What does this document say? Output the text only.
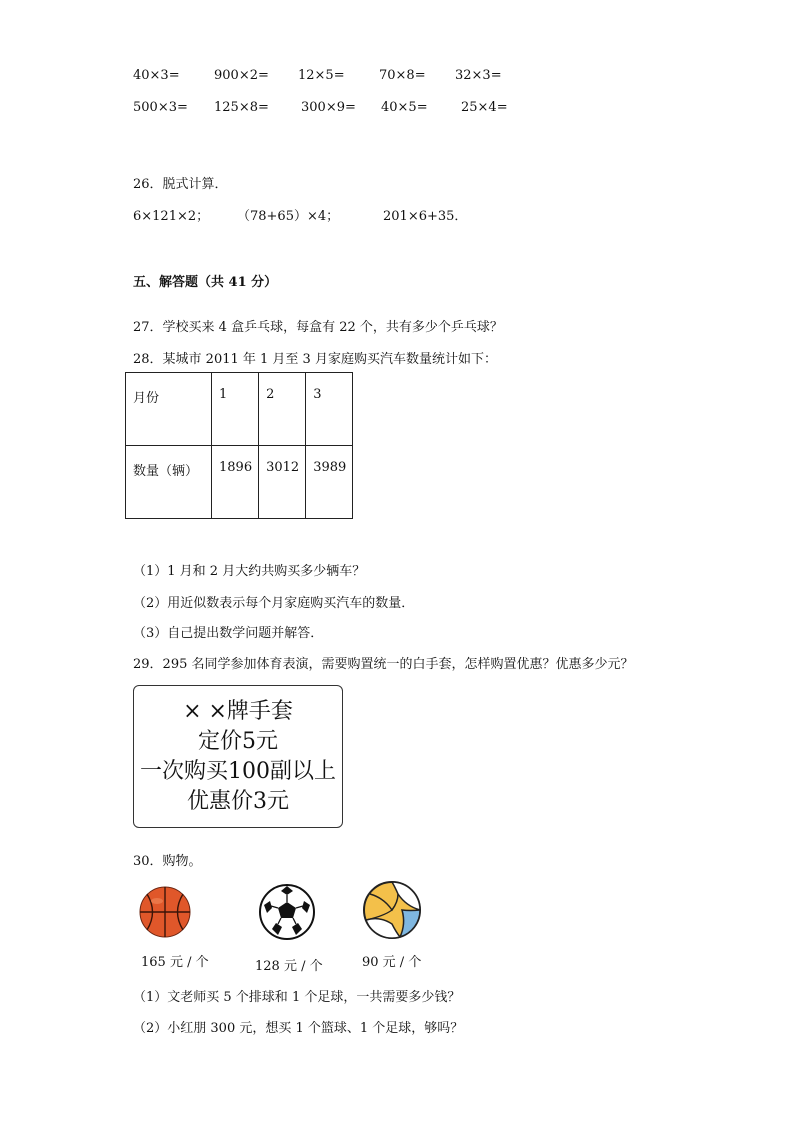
40×3=	900×2= 12×5=	70×8= 32×3=
500×3= 125×8= 300×9= 40×5=	25×4=
26．脱式计算．
6×121×2； （78+65）×4；	201×6+35．
五、解答题（共 41 分）
27．学校买来 4 盒乒乓球，每盒有 22 个，共有多少个乒乓球？
28．某城市 2011 年 1 月至 3 月家庭购买汽车数量统计如下：
月份	1	2	3
数量（辆）	1896	3012	3989
（1）1 月和 2 月大约共购买多少辆车？
（2）用近似数表示每个月家庭购买汽车的数量．
（3）自己提出数学问题并解答．
29．295 名同学参加体育表演，需要购置统一的白手套，怎样购置优惠？优惠多少元？
× ×牌手套
定价5元
一次购买100副以上
优惠价3元
30．购物。
165 元 / 个	128 元 / 个	90 元 / 个
（1）文老师买 5 个排球和 1 个足球，一共需要多少钱？
（2）小红朋 300 元，想买 1 个篮球、1 个足球，够吗？
